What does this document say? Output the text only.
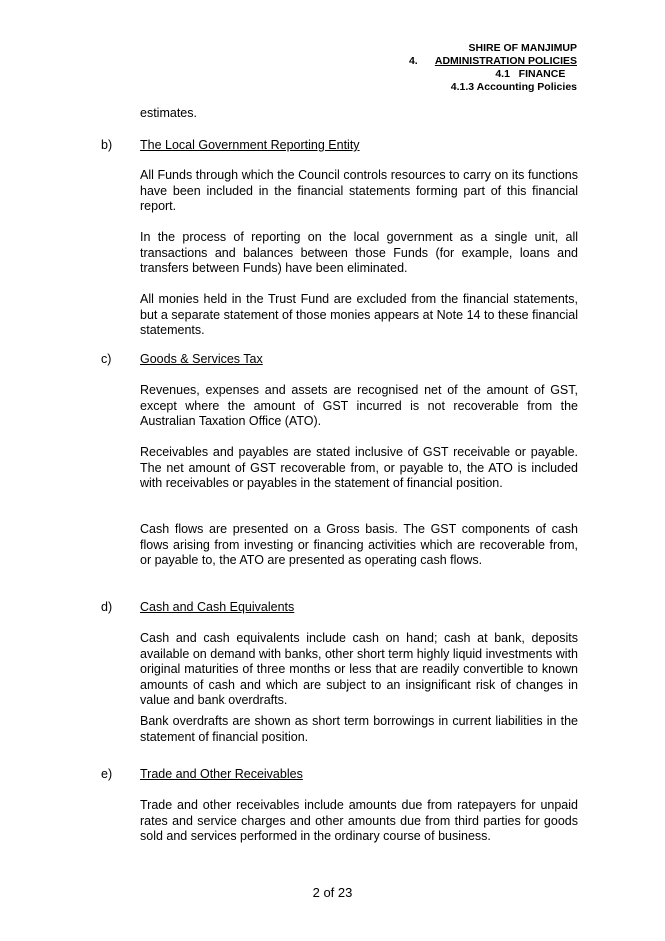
SHIRE OF MANJIMUP
4. ADMINISTRATION POLICIES
4.1   FINANCE
4.1.3 Accounting Policies

estimates.

b) The Local Government Reporting Entity

All Funds through which the Council controls resources to carry on its functions have been included in the financial statements forming part of this financial report.

In the process of reporting on the local government as a single unit, all transactions and balances between those Funds (for example, loans and transfers between Funds) have been eliminated.

All monies held in the Trust Fund are excluded from the financial statements, but a separate statement of those monies appears at Note 14 to these financial statements.

c) Goods & Services Tax

Revenues, expenses and assets are recognised net of the amount of GST, except where the amount of GST incurred is not recoverable from the Australian Taxation Office (ATO).

Receivables and payables are stated inclusive of GST receivable or payable. The net amount of GST recoverable from, or payable to, the ATO is included with receivables or payables in the statement of financial position.

Cash flows are presented on a Gross basis. The GST components of cash flows arising from investing or financing activities which are recoverable from, or payable to, the ATO are presented as operating cash flows.

d) Cash and Cash Equivalents

Cash and cash equivalents include cash on hand; cash at bank, deposits available on demand with banks, other short term highly liquid investments with original maturities of three months or less that are readily convertible to known amounts of cash and which are subject to an insignificant risk of changes in value and bank overdrafts.

Bank overdrafts are shown as short term borrowings in current liabilities in the statement of financial position.

e) Trade and Other Receivables

Trade and other receivables include amounts due from ratepayers for unpaid rates and service charges and other amounts due from third parties for goods sold and services performed in the ordinary course of business.

2 of 23
